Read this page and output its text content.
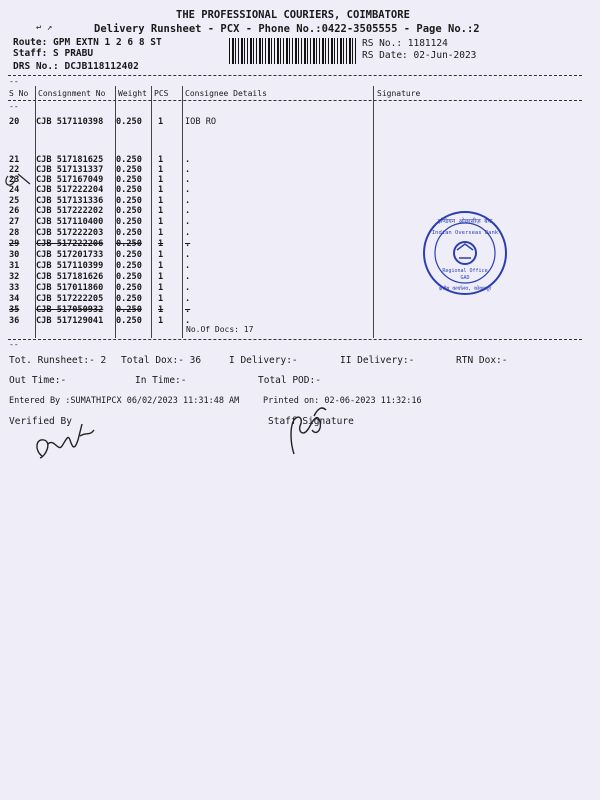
THE PROFESSIONAL COURIERS, COIMBATORE
↩ ↗	Delivery Runsheet - PCX - Phone No.:0422-3505555 - Page No.:2
Route: GPM EXTN 1 2 6 8 ST
Staff: S PRABU
DRS No.: DCJB118112402
RS No.: 1181124
RS Date: 02-Jun-2023
--
S No Consignment No Weight PCS Consignee Details	Signature
--
20 CJB 517110398 0.250 1	IOB RO
21 CJB 517181625 0.250 1	.
22 CJB 517131337 0.250 1	.
23 CJB 517167049 0.250 1	.
24 CJB 517222204 0.250 1	.
25 CJB 517131336 0.250 1	.
26 CJB 517222202 0.250 1	.
27 CJB 517110400 0.250 1	.
28 CJB 517222203 0.250 1	.
29 CJB 517222206 0.250 1	.
30 CJB 517201733 0.250 1	.
31 CJB 517110399 0.250 1	.
32 CJB 517181626 0.250 1	.
33 CJB 517011860 0.250 1	.
34 CJB 517222205 0.250 1	.
35 CJB 517050932 0.250 1	.
36 CJB 517129041 0.250 1	.
No.Of Docs: 17
--
Tot. Runsheet:- 2 Total Dox:- 36	I Delivery:-	II Delivery:-	RTN Dox:-
Out Time:-	In Time:-	Total POD:-
Entered By :SUMATHIPCX 06/02/2023 11:31:48 AM	Printed on: 02-06-2023 11:32:16
Verified By	Staff Signature
इण्डियन ओवरसीज़ बैंक
Indian Overseas Bank
Regional Office
GAD
क्षेत्रीय कार्यालय, कोयम्बटूर
